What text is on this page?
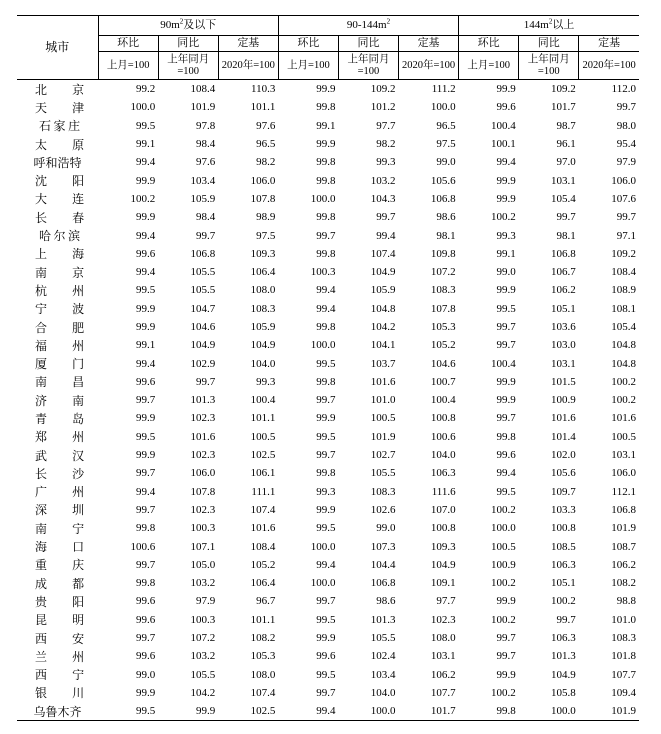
城市	$90m^2$及以下			$90-144m^2$			$144m^2$以上		
	环比	同比	定基	环比	同比	定基	环比	同比	定基
	上月=100	上年同月=100	2020年=100	上月=100	上年同月=100	2020年=100	上月=100	上年同月=100	2020年=100
北京	99.2	108.4	110.3	99.9	109.2	111.2	99.9	109.2	112.0
天津	100.0	101.9	101.1	99.8	101.2	100.0	99.6	101.7	99.7
石家庄	99.5	97.8	97.6	99.1	97.7	96.5	100.4	98.7	98.0
太原	99.1	98.4	96.5	99.9	98.2	97.5	100.1	96.1	95.4
呼和浩特	99.4	97.6	98.2	99.8	99.3	99.0	99.4	97.0	97.9
沈阳	99.9	103.4	106.0	99.8	103.2	105.6	99.9	103.1	106.0
大连	100.2	105.9	107.8	100.0	104.3	106.8	99.9	105.4	107.6
长春	99.9	98.4	98.9	99.8	99.7	98.6	100.2	99.7	99.7
哈尔滨	99.4	99.7	97.5	99.7	99.4	98.1	99.3	98.1	97.1
上海	99.6	106.8	109.3	99.8	107.4	109.8	99.1	106.8	109.2
南京	99.4	105.5	106.4	100.3	104.9	107.2	99.0	106.7	108.4
杭州	99.5	105.5	108.0	99.4	105.9	108.3	99.9	106.2	108.9
宁波	99.9	104.7	108.3	99.4	104.8	107.8	99.5	105.1	108.1
合肥	99.9	104.6	105.9	99.8	104.2	105.3	99.7	103.6	105.4
福州	99.1	104.9	104.9	100.0	104.1	105.2	99.7	103.0	104.8
厦门	99.4	102.9	104.0	99.5	103.7	104.6	100.4	103.1	104.8
南昌	99.6	99.7	99.3	99.8	101.6	100.7	99.9	101.5	100.2
济南	99.7	101.3	100.4	99.7	101.0	100.4	99.9	100.9	100.2
青岛	99.9	102.3	101.1	99.9	100.5	100.8	99.7	101.6	101.6
郑州	99.5	101.6	100.5	99.5	101.9	100.6	99.8	101.4	100.5
武汉	99.9	102.3	102.5	99.7	102.7	104.0	99.6	102.0	103.1
长沙	99.7	106.0	106.1	99.8	105.5	106.3	99.4	105.6	106.0
广州	99.4	107.8	111.1	99.3	108.3	111.6	99.5	109.7	112.1
深圳	99.7	102.3	107.4	99.9	102.6	107.0	100.2	103.3	106.8
南宁	99.8	100.3	101.6	99.5	99.0	100.8	100.0	100.8	101.9
海口	100.6	107.1	108.4	100.0	107.3	109.3	100.5	108.5	108.7
重庆	99.7	105.0	105.2	99.4	104.4	104.9	100.9	106.3	106.2
成都	99.8	103.2	106.4	100.0	106.8	109.1	100.2	105.1	108.2
贵阳	99.6	97.9	96.7	99.7	98.6	97.7	99.9	100.2	98.8
昆明	99.6	100.3	101.1	99.5	101.3	102.3	100.2	99.7	101.0
西安	99.7	107.2	108.2	99.9	105.5	108.0	99.7	106.3	108.3
兰州	99.6	103.2	105.3	99.6	102.4	103.1	99.7	101.3	101.8
西宁	99.0	105.5	108.0	99.5	103.4	106.2	99.9	104.9	107.7
银川	99.9	104.2	107.4	99.7	104.0	107.7	100.2	105.8	109.4
乌鲁木齐	99.5	99.9	102.5	99.4	100.0	101.7	99.8	100.0	101.9
